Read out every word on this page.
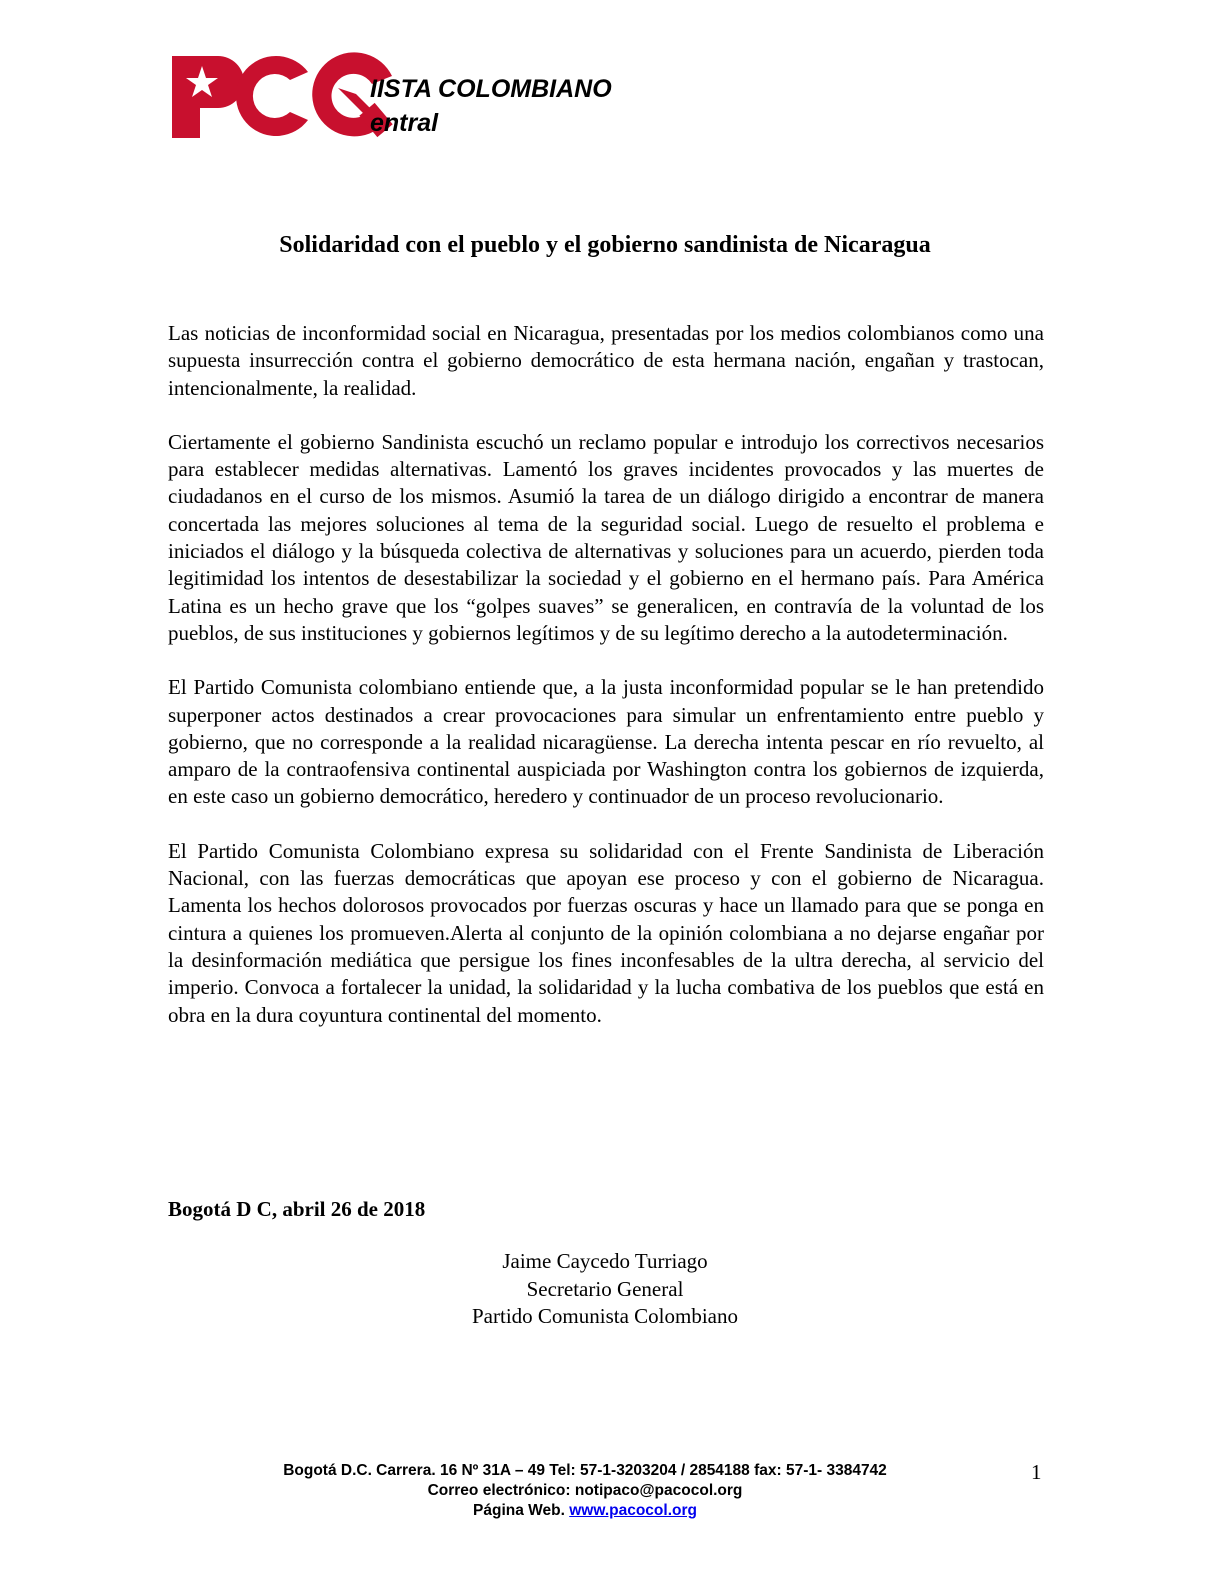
IISTA COLOMBIANO
entral
Solidaridad con el pueblo y el gobierno sandinista de Nicaragua

Las noticias de inconformidad social en Nicaragua, presentadas por los medios colombianos como una supuesta insurrección contra el gobierno democrático de esta hermana nación, engañan y trastocan, intencionalmente, la realidad.

Ciertamente el gobierno Sandinista escuchó un reclamo popular e introdujo los correctivos necesarios para establecer medidas alternativas. Lamentó los graves incidentes provocados y las muertes de ciudadanos en el curso de los mismos. Asumió la tarea de un diálogo dirigido a encontrar de manera concertada las mejores soluciones al tema de la seguridad social. Luego de resuelto el problema e iniciados el diálogo y la búsqueda colectiva de alternativas y soluciones para un acuerdo, pierden toda legitimidad los intentos de desestabilizar la sociedad y el gobierno en el hermano país. Para América Latina es un hecho grave que los “golpes suaves” se generalicen, en contravía de la voluntad de los pueblos, de sus instituciones y gobiernos legítimos y de su legítimo derecho a la autodeterminación.

El Partido Comunista colombiano entiende que, a la justa inconformidad popular se le han pretendido superponer actos destinados a crear provocaciones para simular un enfrentamiento entre pueblo y gobierno, que no corresponde a la realidad nicaragüense. La derecha intenta pescar en río revuelto, al amparo de la contraofensiva continental auspiciada por Washington contra los gobiernos de izquierda, en este caso un gobierno democrático, heredero y continuador de un proceso revolucionario.

El Partido Comunista Colombiano expresa su solidaridad con el Frente Sandinista de Liberación Nacional, con las fuerzas democráticas que apoyan ese proceso y con el gobierno de Nicaragua. Lamenta los hechos dolorosos provocados por fuerzas oscuras y hace un llamado para que se ponga en cintura a quienes los promueven.Alerta al conjunto de la opinión colombiana a no dejarse engañar por la desinformación mediática que persigue los fines inconfesables de la ultra derecha, al servicio del imperio. Convoca a fortalecer la unidad, la solidaridad y la lucha combativa de los pueblos que está en obra en la dura coyuntura continental del momento.

Bogotá D C, abril 26 de 2018

Jaime Caycedo Turriago
Secretario General
Partido Comunista Colombiano
Bogotá D.C. Carrera. 16 Nº 31A – 49 Tel: 57-1-3203204 / 2854188 fax: 57-1- 3384742
Correo electrónico: notipaco@pacocol.org
Página Web. www.pacocol.org
1
